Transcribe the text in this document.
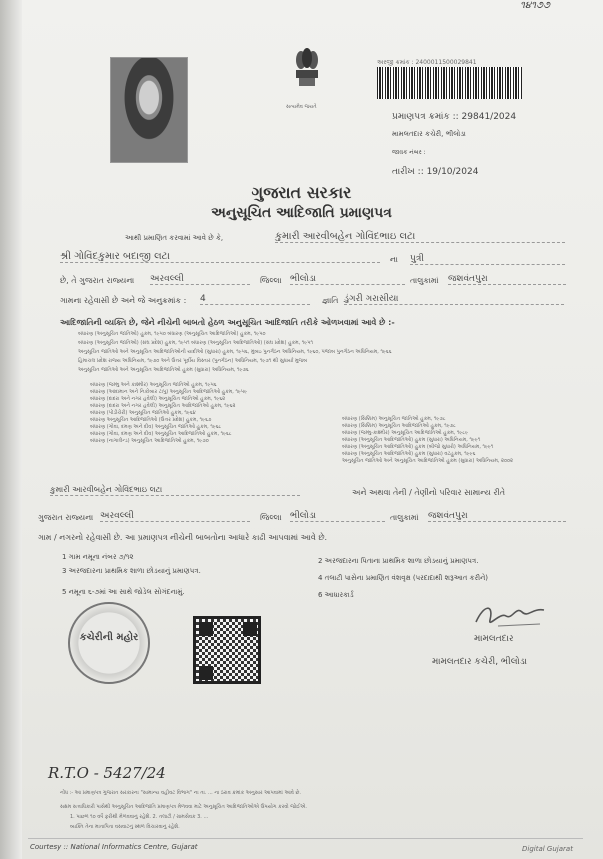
૧૪૧૭૭
સત્યમેવ જયતે
અરજી ક્રમાંક : 2400011500029841
પ્રમાણપત્ર ક્રમાંક :: 29841/2024
મામલતદાર કચેરી, ભીલોડા
જાવક નંબર :
તારીખ :: 19/10/2024
ગુજરાત સરકાર
અનુસૂચિત આદિજાતિ પ્રમાણપત્ર
આથી પ્રમાણિત કરવામાં આવે છે કે,	કુમારી આરવીબહેન ગોવિંદભાઇ લટા
શ્રી ગોવિંદકુમાર બદાજી લટા	ના પુત્રી
છે, તે ગુજરાત રાજ્યના અરવલ્લી	જિલ્લા ભીલોડા	તાલુકામાં જશવંતપુરા
ગામના રહેવાસી છે અને જે અનુક્રમાંક : 4	જ્ઞાતિ ડુંગરી ગરાસીયા
આદિજાતિની વ્યક્તિ છે, જેને નીચેની બાબતો હેઠળ અનુસૂચિત આદિજાતિ તરીકે ઓળખવામાં આવે છે :-
બંધારણ (અનુસૂચિત જાતિઓ) હુકમ, ૧૯૫૦ બંધારણ (અનુસૂચિત આદિજાતિઓ) હુકમ, ૧૯૫૦
બંધારણ (અનુસૂચિત જાતિઓ) (સંઘ પ્રદેશ) હુકમ, ૧૯૫૧ બંધારણ (અનુસૂચિત આદિજાતિઓ) (સંઘ પ્રદેશ) હુકમ, ૧૯૫૧
અનુસૂચિત જાતિઓ અને અનુસૂચિત આદિજાતિઓની યાદીઓ (સુધારા) હુકમ, ૧૯૫૬, મુંબઇ પુનર્ગઠન અધિનિયમ, ૧૯૬૦, પંજાબ પુનર્ગઠન અધિનિયમ, ૧૯૬૬
હિમાચલ પ્રદેશ રાજ્ય અધિનિયમ, ૧૯૭૦ અને ઉત્તર પૂર્વીય વિસ્તાર (પુનર્ગઠન) અધિનિયમ, ૧૯૭૧ થી સુધાર્યા મુજબ
અનુસૂચિત જાતિઓ અને અનુસૂચિત આદિજાતિઓ હુકમ (સુધારા) અધિનિયમ, ૧૯૭૬
બંધારણ (જમ્મુ અને કાશ્મીર) અનુસૂચિત જાતિઓ હુકમ, ૧૯૫૬
બંધારણ (આંદામાન અને નિકોબાર ટાપુ) અનુસૂચિત આદિજાતિઓ હુકમ, ૧૯૫૯
બંધારણ (દાદરા અને નગર હવેલી) અનુસૂચિત જાતિઓ હુકમ, ૧૯૬૨
બંધારણ (દાદરા અને નગર હવેલી) અનુસૂચિત આદિજાતિઓ હુકમ, ૧૯૬૨
બંધારણ (પોંડીચેરી) અનુસૂચિત જાતિઓ હુકમ, ૧૯૬૪
બંધારણ અનુસૂચિત આદિજાતિઓ (ઉત્તર પ્રદેશ) હુકમ, ૧૯૬૭
બંધારણ (ગોવા, દમણ અને દીવ) અનુસૂચિત જાતિઓ હુકમ, ૧૯૬૮
બંધારણ (ગોવા, દમણ અને દીવ) અનુસૂચિત આદિજાતિઓ હુકમ, ૧૯૬૮
બંધારણ (નાગાલેન્ડ) અનુસૂચિત આદિજાતિઓ હુકમ, ૧૯૭૦
બંધારણ (સિક્કિમ) અનુસૂચિત જાતિઓ હુકમ, ૧૯૭૮
બંધારણ (સિક્કિમ) અનુસૂચિત આદિજાતિઓ હુકમ, ૧૯૭૮
બંધારણ (જમ્મુ-કાશ્મીર) અનુસૂચિત આદિજાતિઓ હુકમ, ૧૯૮૯
બંધારણ (અનુસૂચિત આદિજાતિઓ) હુકમ (સુધારા) અધિનિયમ, ૧૯૯૧
બંધારણ (અનુસૂચિત આદિજાતિઓ) હુકમ (બીજો સુધારો) અધિનિયમ, ૧૯૯૧
બંધારણ (અનુસૂચિત આદિજાતિઓ) હુકમ (સુધારા) વટહુકમ, ૧૯૯૬
અનુસૂચિત જાતિઓ અને અનુસૂચિત આદિજાતિઓ હુકમ (સુધારા) અધિનિયમ, ૨૦૦૨
કુમારી આરવીબહેન ગોવિંદભાઇ લટા	અને અથવા તેની / તેણીનો પરિવાર સામાન્ય રીતે
ગુજરાત રાજ્યના અરવલ્લી	જિલ્લા ભીલોડા	તાલુકામાં જશવંતપુરા
ગામ / નગરનો રહેવાસી છે. આ પ્રમાણપત્ર નીચેની બાબતોના આધારે કાઢી આપવામાં આવે છે.
1 ગામ નમૂના નંબર ૭/૧૨	2 અરજદારના પિતાના પ્રાથમિક શાળા છોડયાનું પ્રમાણપત્ર.
3 અરજદારના પ્રાથમિક શાળા છોડયાનું પ્રમાણપત્ર.
4 તલાટી પાસેના પ્રમાણિત વંશવૃક્ષ (પરદાદાથી શરૂઆત કરીને)
5 નમૂના ૬-૭માં આ સાથે જોડેલ સોગંદનામું.	6 આધારકાર્ડ
કચેરીની મહોર	મામલતદાર
મામલતદાર કચેરી, ભીલોડા
R.T.O - 5427/24
નોંધ :- આ પ્રમાણપત્ર ગુજરાત સરકારના "સામાન્ય વહીવટ વિભાગ" ના તા. ... ના ઠરાવ ક્રમાંક અનુસાર આપવામાં આવે છે.
સક્ષમ સત્તાધિકારી પાસેથી અનુસૂચિત આદિજાતિ પ્રમાણપત્ર મેળવવા માટે અનુસૂચિત આદિજાતિઓએ ઉપયોગ કરવો જોઈએ.
1. પાછળ ૧૦ વર્ષે ફરીથી મેળવવાનું રહેશે. 2. તલાટી / ગ્રામસેવક 3. ...
વ્યક્તિ તેના માતાપિતા વસવાટનું સ્થળ વિચારવાનું રહેશે.
Courtesy :: National Informatics Centre, Gujarat	Digital Gujarat
